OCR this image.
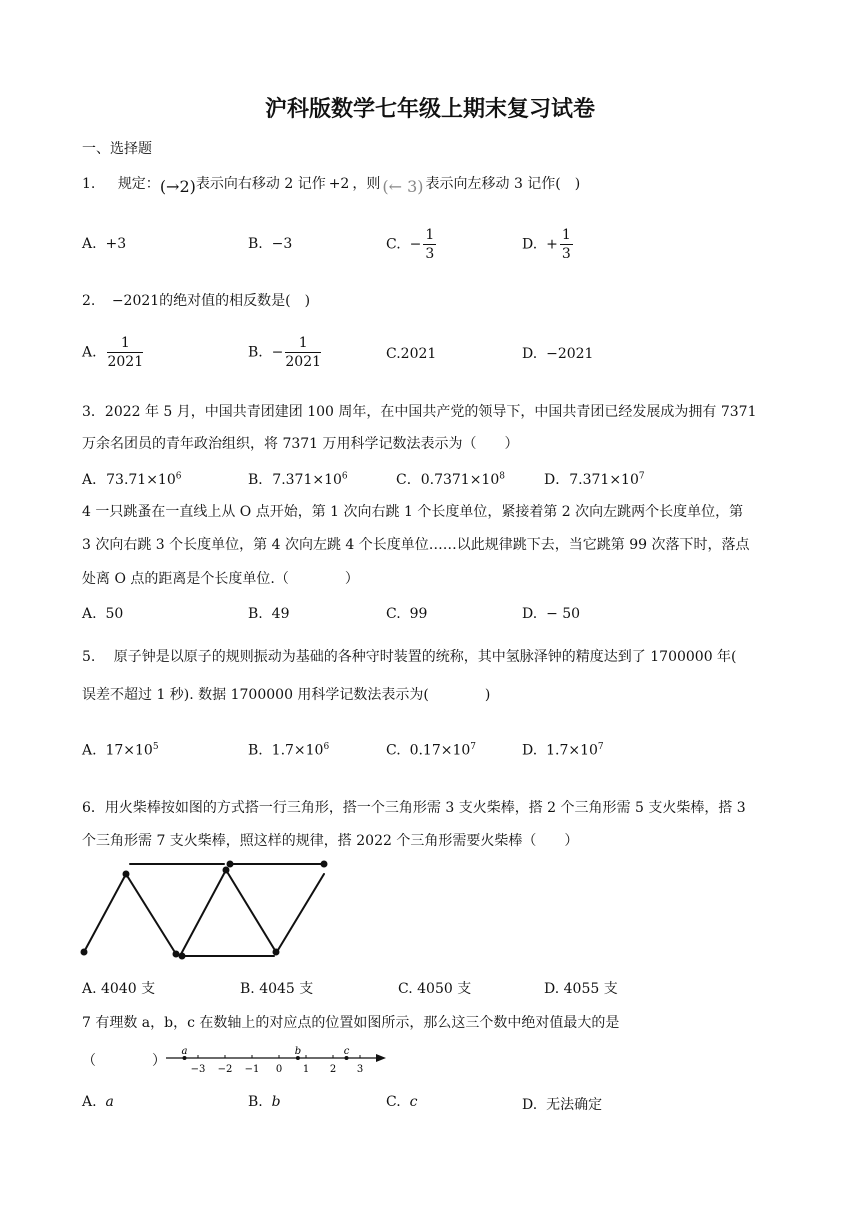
沪科版数学七年级上期末复习试卷
一、选择题
1. 规定：(→2)表示向右移动 2 记作 +2 ，则 (← 3) 表示向左移动 3 记作(　)
A. +3	B. −3	C. − $\frac{1}{3}$	D. + $\frac{1}{3}$
2. −2021的绝对值的相反数是(　)
A. $\frac{1}{2021}$	B. − $\frac{1}{2021}$	C.2021	D. −2021
3．2022 年 5 月，中国共青团建团 100 周年，在中国共产党的领导下，中国共青团已经发展成为拥有 7371
万余名团员的青年政治组织，将 7371 万用科学记数法表示为（　　）
A．$73.71\times 10^6$	B．$7.371\times 10^6$	C．$0.7371\times 10^8$	D．$7.371\times 10^7$
4 一只跳蚤在一直线上从 O 点开始，第 1 次向右跳 1 个长度单位，紧接着第 2 次向左跳两个长度单位，第
3 次向右跳 3 个长度单位，第 4 次向左跳 4 个长度单位……以此规律跳下去，当它跳第 99 次落下时，落点
处离 O 点的距离是个长度单位.（　　　　）
A. 50	B. 49	C. 99	D. − 50
5.　 原子钟是以原子的规则振动为基础的各种守时装置的统称，其中氢脉泽钟的精度达到了 1700000 年(
误差不超过 1 秒). 数据 1700000 用科学记数法表示为(　　　　)
A. $17\times 10^5$	B. $1.7\times 10^6$	C. $0.17\times 10^7$	D. $1.7\times 10^7$
6．用火柴棒按如图的方式搭一行三角形，搭一个三角形需 3 支火柴棒，搭 2 个三角形需 5 支火柴棒，搭 3
个三角形需 7 支火柴棒，照这样的规律，搭 2022 个三角形需要火柴棒（　　）
A. 4040 支	B. 4045 支	C. 4050 支	D. 4055 支
7 有理数 a，b，c 在数轴上的对应点的位置如图所示，那么这三个数中绝对值最大的是
（　　　　）
−3 −2 −1 0 1 2 3
a	b	c
A. a	B. b	C. c	D. 无法确定
